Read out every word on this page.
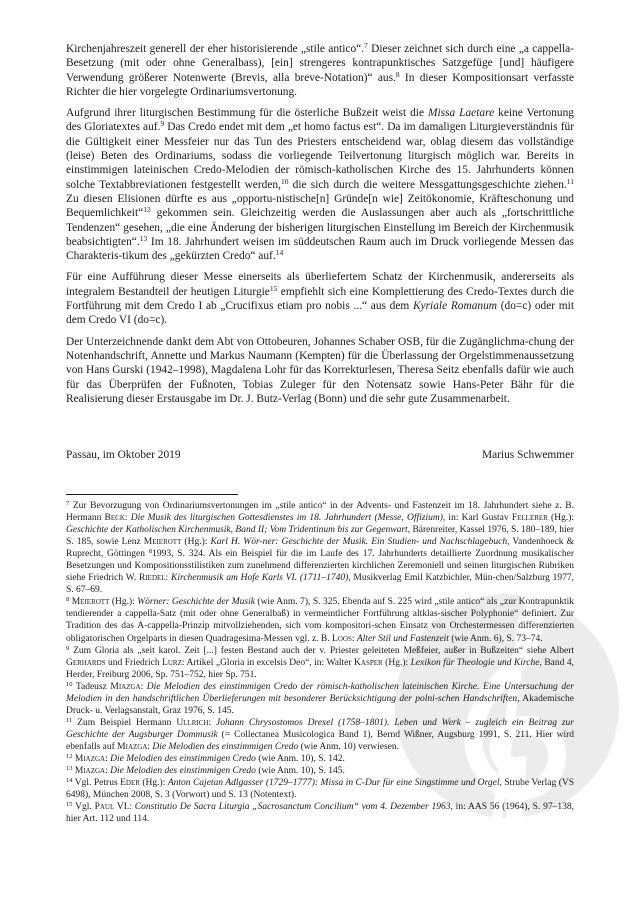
Kirchenjahreszeit generell der eher historisierende „stile antico“.$^7$ Dieser zeichnet sich durch eine „a cappella-Besetzung (mit oder ohne Generalbass), [ein] strengeres kontrapunktisches Satzgefüge [und] häufigere Verwendung größerer Notenwerte (Brevis, alla breve-Notation)“ aus.$^8$ In dieser Kompositionsart verfasste Richter die hier vorgelegte Ordinariumsvertonung.

Aufgrund ihrer liturgischen Bestimmung für die österliche Bußzeit weist die Missa Laetare keine Vertonung des Gloriatextes auf.$^9$ Das Credo endet mit dem „et homo factus est“. Da im damaligen Liturgieverständnis für die Gültigkeit einer Messfeier nur das Tun des Priesters entscheidend war, oblag diesem das vollständige (leise) Beten des Ordinariums, sodass die vorliegende Teilvertonung liturgisch möglich war. Bereits in einstimmigen lateinischen Credo-Melodien der römisch-katholischen Kirche des 15. Jahrhunderts können solche Textabbreviationen festgestellt werden,$^{10}$ die sich durch die weitere Messgattungsgeschichte ziehen.$^{11}$ Zu diesen Elisionen dürfte es aus „opportu-nistische[n] Gründe[n wie] Zeitökonomie, Kräfteschonung und Bequemlichkeit“$^{12}$ gekommen sein. Gleichzeitig werden die Auslassungen aber auch als „fortschrittliche Tendenzen“ gesehen, „die eine Änderung der bisherigen liturgischen Einstellung im Bereich der Kirchenmusik beabsichtigten“.$^{13}$ Im 18. Jahrhundert weisen im süddeutschen Raum auch im Druck vorliegende Messen das Charakteris-tikum des „gekürzten Credo“ auf.$^{14}$

Für eine Aufführung dieser Messe einerseits als überliefertem Schatz der Kirchenmusik, andererseits als integralem Bestandteil der heutigen Liturgie$^{15}$ empfiehlt sich eine Komplettierung des Credo-Textes durch die Fortführung mit dem Credo I ab „Crucifixus etiam pro nobis ...“ aus dem Kyriale Romanum (do=c) oder mit dem Credo VI (do=c).

Der Unterzeichnende dankt dem Abt von Ottobeuren, Johannes Schaber OSB, für die Zugänglichma-chung der Notenhandschrift, Annette und Markus Naumann (Kempten) für die Überlassung der Orgelstimmenaussetzung von Hans Gurski (1942–1998), Magdalena Lohr für das Korrekturlesen, Theresa Seitz ebenfalls dafür wie auch für das Überprüfen der Fußnoten, Tobias Zuleger für den Notensatz sowie Hans-Peter Bähr für die Realisierung dieser Erstausgabe im Dr. J. Butz-Verlag (Bonn) und die sehr gute Zusammenarbeit.

Passau, im Oktober 2019	Marius Schwemmer

$^7$ Zur Bevorzugung von Ordinariumsvertonungen im „stile antico“ in der Advents- und Fastenzeit im 18. Jahrhundert siehe z. B. Hermann Beck: Die Musik des liturgischen Gottesdienstes im 18. Jahrhundert (Messe, Offizium), in: Karl Gustav Fellerer (Hg.): Geschichte der Katholischen Kirchenmusik, Band II; Vom Tridentinum bis zur Gegenwart, Bärenreiter, Kassel 1976, S. 180–189, hier S. 185, sowie Lenz Meierott (Hg.): Karl H. Wör-ner: Geschichte der Musik. Ein Studien- und Nachschlagebuch, Vandenhoeck & Ruprecht, Göttingen $^8$1993, S. 324. Als ein Beispiel für die im Laufe des 17. Jahrhunderts detaillierte Zuordnung musikalischer Besetzungen und Kompositionsstilistiken zum zunehmend differenzierten kirchlichen Zeremoniell und seinen liturgischen Rubriken siehe Friedrich W. Riedel: Kirchenmusik am Hofe Karls VI. (1711–1740), Musikverlag Emil Katzbichler, Mün-chen/Salzburg 1977, S. 67–69.

$^8$ Meierott (Hg.): Wörner: Geschichte der Musik (wie Anm. 7), S. 325. Ebenda auf S. 225 wird „stile antico“ als „zur Kontrapunktik tendierender a cappella-Satz (mit oder ohne Generalbaß) in vermeintlicher Fortführung altklas-sischer Polyphonie“ definiert. Zur Tradition des das A-cappella-Prinzip mitvollziehenden, sich vom kompositori-schen Einsatz von Orchestermessen differenzierten obligatorischen Orgelparts in diesen Quadragesima-Messen vgl. z. B. Loos: Alter Stil und Fastenzeit (wie Anm. 6), S. 73–74.

$^9$ Zum Gloria als „seit karol. Zeit [...] festen Bestand auch der v. Priester geleiteten Meßfeier, außer in Bußzeiten“ siehe Albert Gerhards und Friedrich Lurz: Artikel „Gloria in excelsis Deo“, in: Walter Kasper (Hg.): Lexikon für Theologie und Kirche, Band 4, Herder, Freiburg 2006, Sp. 751–752, hier Sp. 751.

$^{10}$ Tadeusz Miazga: Die Melodien des einstimmigen Credo der römisch-katholischen lateinischen Kirche. Eine Untersuchung der Melodien in den handschriftlichen Überlieferungen mit besonderer Berücksichtigung der polni-schen Handschriften, Akademische Druck- u. Verlagsanstalt, Graz 1976, S. 145.

$^{11}$ Zum Beispiel Hermann Ullrich: Johann Chrysostomos Drexel (1758–1801). Leben und Werk – zugleich ein Beitrag zur Geschichte der Augsburger Dommusik (= Collectanea Musicologica Band 1), Bernd Wißner, Augsburg 1991, S. 211. Hier wird ebenfalls auf Miazga: Die Melodien des einstimmigen Credo (wie Anm. 10) verwiesen.

$^{12}$ Miazga: Die Melodien des einstimmigen Credo (wie Anm. 10), S. 142.

$^{13}$ Miazga: Die Melodien des einstimmigen Credo (wie Anm. 10), S. 145.

$^{14}$ Vgl. Petrus Eder (Hg.): Anton Cajetan Adlgasser (1729–1777): Missa in C-Dur für eine Singstimme und Orgel, Strube Verlag (VS 6498), München 2008, S. 3 (Vorwort) und S. 13 (Notentext).

$^{15}$ Vgl. Paul VI.: Constitutio De Sacra Liturgia „Sacrosanctum Concilium“ vom 4. Dezember 1963, in: AAS 56 (1964), S. 97–138, hier Art. 112 und 114.
